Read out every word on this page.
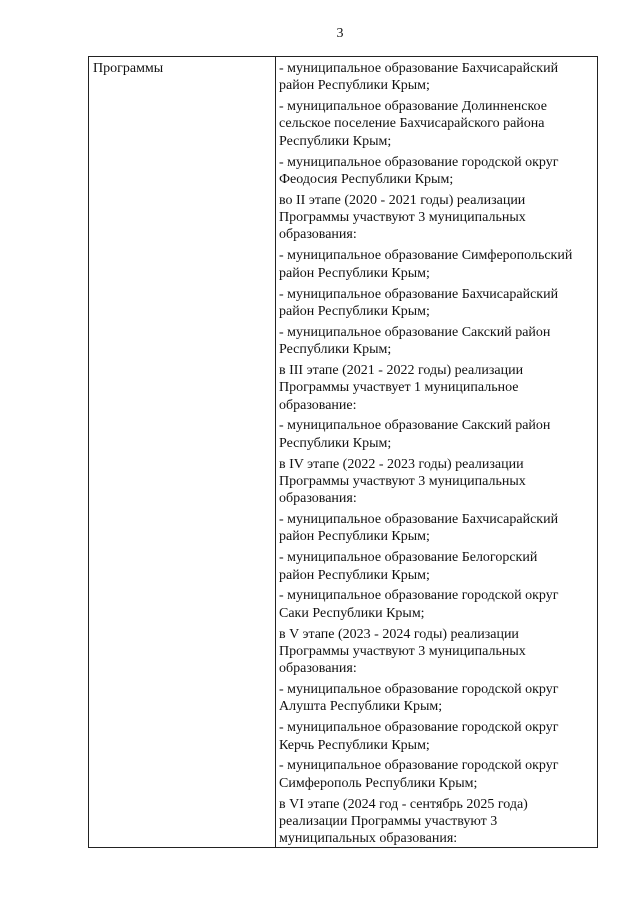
3
Программы	- муниципальное образование Бахчисарайский
район Республики Крым;

- муниципальное образование Долинненское
сельское поселение Бахчисарайского района
Республики Крым;

- муниципальное образование городской округ
Феодосия Республики Крым;

во II этапе (2020 - 2021 годы) реализации
Программы участвуют 3 муниципальных
образования:

- муниципальное образование Симферопольский
район Республики Крым;

- муниципальное образование Бахчисарайский
район Республики Крым;

- муниципальное образование Сакский район
Республики Крым;

в III этапе (2021 - 2022 годы) реализации
Программы участвует 1 муниципальное
образование:

- муниципальное образование Сакский район
Республики Крым;

в IV этапе (2022 - 2023 годы) реализации
Программы участвуют 3 муниципальных
образования:

- муниципальное образование Бахчисарайский
район Республики Крым;

- муниципальное образование Белогорский
район Республики Крым;

- муниципальное образование городской округ
Саки Республики Крым;

в V этапе (2023 - 2024 годы) реализации
Программы участвуют 3 муниципальных
образования:

- муниципальное образование городской округ
Алушта Республики Крым;

- муниципальное образование городской округ
Керчь Республики Крым;

- муниципальное образование городской округ
Симферополь Республики Крым;

в VI этапе (2024 год - сентябрь 2025 года)
реализации Программы участвуют 3
муниципальных образования:
